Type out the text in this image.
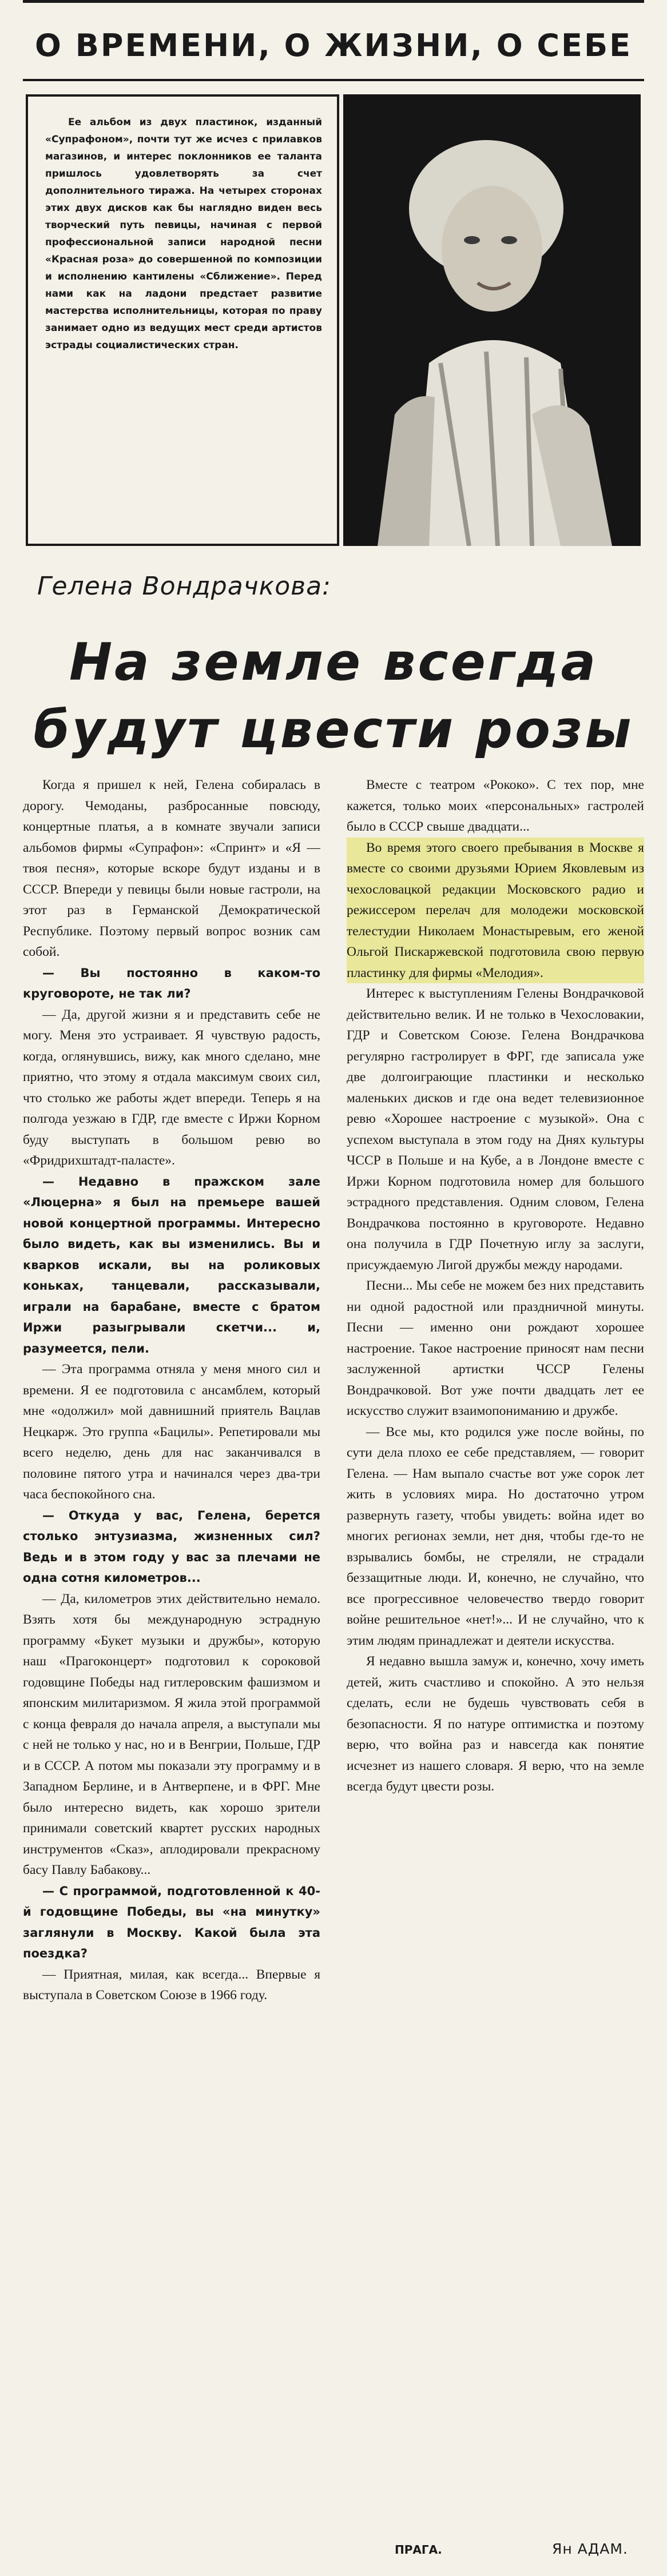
О ВРЕМЕНИ, О ЖИЗНИ, О СЕБЕ

Ее альбом из двух пластинок, изданный «Супрафоном», почти тут же исчез с прилавков магазинов, и интерес поклонников ее таланта пришлось удовлетворять за счет дополнительного тиража. На четырех сторонах этих двух дисков как бы наглядно виден весь творческий путь певицы, начиная с первой профессиональной записи народной песни «Красная роза» до совершенной по композиции и исполнению кантилены «Сближение». Перед нами как на ладони предстает развитие мастерства исполнительницы, которая по праву занимает одно из ведущих мест среди артистов эстрады социалистических стран.

Гелена Вондрачкова:
На земле всегда
будут цвести розы

Когда я пришел к ней, Гелена собиралась в дорогу. Чемоданы, разбросанные повсюду, концертные платья, а в комнате звучали записи альбомов фирмы «Супрафон»: «Спринт» и «Я — твоя песня», которые вскоре будут изданы и в СССР. Впереди у певицы были новые гастроли, на этот раз в Германской Демократической Республике. Поэтому первый вопрос возник сам собой.

— Вы постоянно в каком-то круговороте, не так ли?

— Да, другой жизни я и представить себе не могу. Меня это устраивает. Я чувствую радость, когда, оглянувшись, вижу, как много сделано, мне приятно, что этому я отдала максимум своих сил, что столько же работы ждет впереди. Теперь я на полгода уезжаю в ГДР, где вместе с Иржи Корном буду выступать в большом ревю во «Фридрихштадт-паласте».

— Недавно в пражском зале «Люцерна» я был на премьере вашей новой концертной программы. Интересно было видеть, как вы изменились. Вы и кварков искали, вы на роликовых коньках, танцевали, рассказывали, играли на барабане, вместе с братом Иржи разыгрывали скетчи... и, разумеется, пели.

— Эта программа отняла у меня много сил и времени. Я ее подготовила с ансамблем, который мне «одолжил» мой давнишний приятель Вацлав Нецкарж. Это группа «Бацилы». Репетировали мы всего неделю, день для нас заканчивался в половине пятого утра и начинался через два-три часа беспокойного сна.

— Откуда у вас, Гелена, берется столько энтузиазма, жизненных сил? Ведь и в этом году у вас за плечами не одна сотня километров...

— Да, километров этих действительно немало. Взять хотя бы международную эстрадную программу «Букет музыки и дружбы», которую наш «Прагоконцерт» подготовил к сороковой годовщине Победы над гитлеровским фашизмом и японским милитаризмом. Я жила этой программой с конца февраля до начала апреля, а выступали мы с ней не только у нас, но и в Венгрии, Польше, ГДР и в СССР. А потом мы показали эту программу и в Западном Берлине, и в Антверпене, и в ФРГ. Мне было интересно видеть, как хорошо зрители принимали советский квартет русских народных инструментов «Сказ», аплодировали прекрасному басу Павлу Бабакову...

— С программой, подготовленной к 40-й годовщине Победы, вы «на минутку» заглянули в Москву. Какой была эта поездка?

— Приятная, милая, как всегда... Впервые я выступала в Советском Союзе в 1966 году.

Вместе с театром «Рококо». С тех пор, мне кажется, только моих «персональных» гастролей было в СССР свыше двадцати...

Во время этого своего пребывания в Москве я вместе со своими друзьями Юрием Яковлевым из чехословацкой редакции Московского радио и режиссером перелач для молодежи московской телестудии Николаем Монастыревым, его женой Ольгой Пискаржевской подготовила свою первую пластинку для фирмы «Мелодия».

Интерес к выступлениям Гелены Вондрачковой действительно велик. И не только в Чехословакии, ГДР и Советском Союзе. Гелена Вондрачкова регулярно гастролирует в ФРГ, где записала уже две долгоиграющие пластинки и несколько маленьких дисков и где она ведет телевизионное ревю «Хорошее настроение с музыкой». Она с успехом выступала в этом году на Днях культуры ЧССР в Польше и на Кубе, а в Лондоне вместе с Иржи Корном подготовила номер для большого эстрадного представления. Одним словом, Гелена Вондрачкова постоянно в круговороте. Недавно она получила в ГДР Почетную иглу за заслуги, присуждаемую Лигой дружбы между народами.

Песни... Мы себе не можем без них представить ни одной радостной или праздничной минуты. Песни — именно они рождают хорошее настроение. Такое настроение приносят нам песни заслуженной артистки ЧССР Гелены Вондрачковой. Вот уже почти двадцать лет ее искусство служит взаимопониманию и дружбе.

— Все мы, кто родился уже после войны, по сути дела плохо ее себе представляем, — говорит Гелена. — Нам выпало счастье вот уже сорок лет жить в условиях мира. Но достаточно утром развернуть газету, чтобы увидеть: война идет во многих регионах земли, нет дня, чтобы где-то не взрывались бомбы, не стреляли, не страдали беззащитные люди. И, конечно, не случайно, что все прогрессивное человечество твердо говорит войне решительное «нет!»... И не случайно, что к этим людям принадлежат и деятели искусства.

Я недавно вышла замуж и, конечно, хочу иметь детей, жить счастливо и спокойно. А это нельзя сделать, если не будешь чувствовать себя в безопасности. Я по натуре оптимистка и поэтому верю, что война раз и навсегда как понятие исчезнет из нашего словаря. Я верю, что на земле всегда будут цвести розы.

ПРАГА.	Ян АДАМ.
